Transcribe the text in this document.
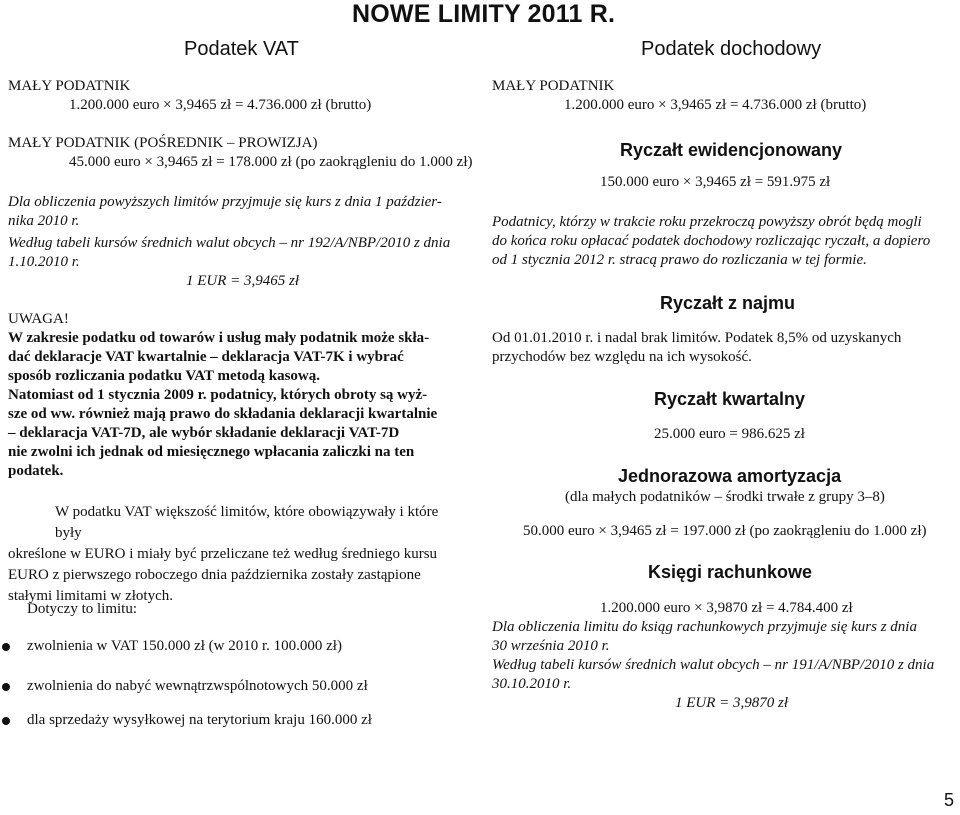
NOWE LIMITY 2011 R.
Podatek VAT
MAŁY PODATNIK
1.200.000 euro × 3,9465 zł = 4.736.000 zł (brutto)
MAŁY PODATNIK (POŚREDNIK – PROWIZJA)
45.000 euro × 3,9465 zł = 178.000 zł (po zaokrągleniu do 1.000 zł)
Dla obliczenia powyższych limitów przyjmuje się kurs z dnia 1 paździer-
nika 2010 r.
Według tabeli kursów średnich walut obcych – nr 192/A/NBP/2010 z dnia
1.10.2010 r.
1 EUR = 3,9465 zł
UWAGA!
W zakresie podatku od towarów i usług mały podatnik może skła-
dać deklaracje VAT kwartalnie – deklaracja VAT-7K i wybrać
sposób rozliczania podatku VAT metodą kasową.
Natomiast od 1 stycznia 2009 r. podatnicy, których obroty są wyż-
sze od ww. również mają prawo do składania deklaracji kwartalnie
– deklaracja VAT-7D, ale wybór składanie deklaracji VAT-7D
nie zwolni ich jednak od miesięcznego wpłacania zaliczki na ten
podatek.
W podatku VAT większość limitów, które obowiązywały i które były
określone w EURO i miały być przeliczane też według średniego kursu
EURO z pierwszego roboczego dnia października zostały zastąpione
stałymi limitami w złotych.
Dotyczy to limitu:
zwolnienia w VAT 150.000 zł (w 2010 r. 100.000 zł)
zwolnienia do nabyć wewnątrzwspólnotowych 50.000 zł
dla sprzedaży wysyłkowej na terytorium kraju 160.000 zł
Podatek dochodowy
MAŁY PODATNIK
1.200.000 euro × 3,9465 zł = 4.736.000 zł (brutto)
Ryczałt ewidencjonowany
150.000 euro × 3,9465 zł = 591.975 zł
Podatnicy, którzy w trakcie roku przekroczą powyższy obrót będą mogli
do końca roku opłacać podatek dochodowy rozliczając ryczałt, a dopiero
od 1 stycznia 2012 r. stracą prawo do rozliczania w tej formie.
Ryczałt z najmu
Od 01.01.2010 r. i nadal brak limitów. Podatek 8,5% od uzyskanych
przychodów bez względu na ich wysokość.
Ryczałt kwartalny
25.000 euro = 986.625 zł
Jednorazowa amortyzacja
(dla małych podatników – środki trwałe z grupy 3–8)
50.000 euro × 3,9465 zł = 197.000 zł (po zaokrągleniu do 1.000 zł)
Księgi rachunkowe
1.200.000 euro × 3,9870 zł = 4.784.400 zł
Dla obliczenia limitu do ksiąg rachunkowych przyjmuje się kurs z dnia
30 września 2010 r.
Według tabeli kursów średnich walut obcych – nr 191/A/NBP/2010 z dnia
30.10.2010 r.
1 EUR = 3,9870 zł
5
